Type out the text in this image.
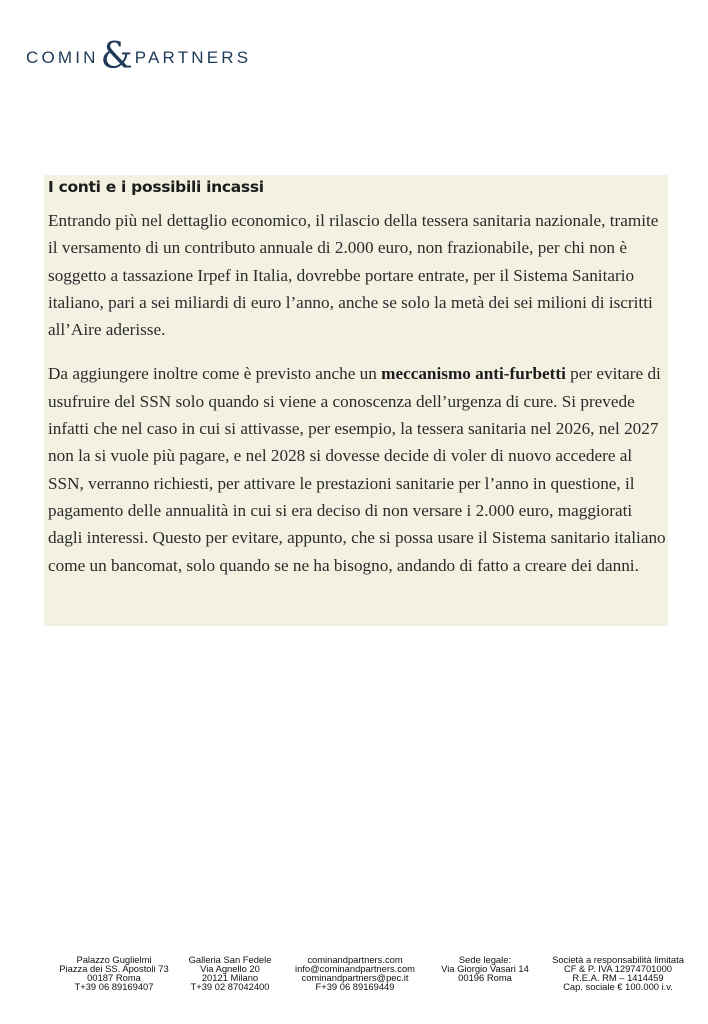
COMIN & PARTNERS
I conti e i possibili incassi

Entrando più nel dettaglio economico, il rilascio della tessera sanitaria nazionale, tramite il versamento di un contributo annuale di 2.000 euro, non frazionabile, per chi non è soggetto a tassazione Irpef in Italia, dovrebbe portare entrate, per il Sistema Sanitario italiano, pari a sei miliardi di euro l’anno, anche se solo la metà dei sei milioni di iscritti all’Aire aderisse.

Da aggiungere inoltre come è previsto anche un meccanismo anti-furbetti per evitare di usufruire del SSN solo quando si viene a conoscenza dell’urgenza di cure. Si prevede infatti che nel caso in cui si attivasse, per esempio, la tessera sanitaria nel 2026, nel 2027 non la si vuole più pagare, e nel 2028 si dovesse decide di voler di nuovo accedere al SSN, verranno richiesti, per attivare le prestazioni sanitarie per l’anno in questione, il pagamento delle annualità in cui si era deciso di non versare i 2.000 euro, maggiorati dagli interessi. Questo per evitare, appunto, che si possa usare il Sistema sanitario italiano come un bancomat, solo quando se ne ha bisogno, andando di fatto a creare dei danni.

Palazzo Guglielmi
Piazza dei SS. Apostoli 73
00187 Roma
T+39 06 89169407
Galleria San Fedele
Via Agnello 20
20121 Milano
T+39 02 87042400
cominandpartners.com
info@cominandpartners.com
cominandpartners@pec.it
F+39 06 89169449
Sede legale:
Via Giorgio Vasari 14
00196 Roma
Società a responsabilità limitata
CF & P. IVA 12974701000
R.E.A. RM – 1414459
Cap. sociale € 100.000 i.v.
